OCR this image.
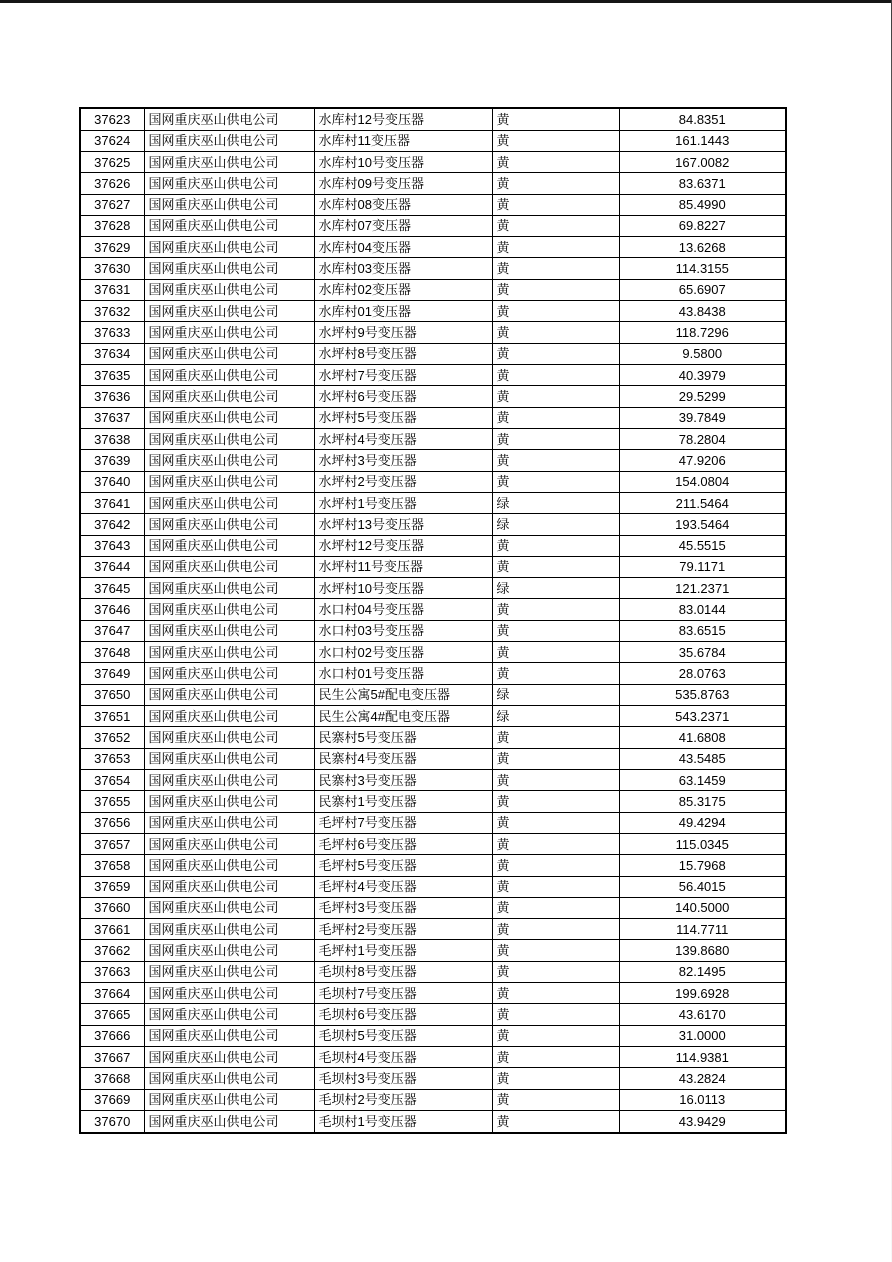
37623	国网重庆巫山供电公司	水库村12号变压器	黄	84.8351
37624	国网重庆巫山供电公司	水库村11变压器	黄	161.1443
37625	国网重庆巫山供电公司	水库村10号变压器	黄	167.0082
37626	国网重庆巫山供电公司	水库村09号变压器	黄	83.6371
37627	国网重庆巫山供电公司	水库村08变压器	黄	85.4990
37628	国网重庆巫山供电公司	水库村07变压器	黄	69.8227
37629	国网重庆巫山供电公司	水库村04变压器	黄	13.6268
37630	国网重庆巫山供电公司	水库村03变压器	黄	114.3155
37631	国网重庆巫山供电公司	水库村02变压器	黄	65.6907
37632	国网重庆巫山供电公司	水库村01变压器	黄	43.8438
37633	国网重庆巫山供电公司	水坪村9号变压器	黄	118.7296
37634	国网重庆巫山供电公司	水坪村8号变压器	黄	9.5800
37635	国网重庆巫山供电公司	水坪村7号变压器	黄	40.3979
37636	国网重庆巫山供电公司	水坪村6号变压器	黄	29.5299
37637	国网重庆巫山供电公司	水坪村5号变压器	黄	39.7849
37638	国网重庆巫山供电公司	水坪村4号变压器	黄	78.2804
37639	国网重庆巫山供电公司	水坪村3号变压器	黄	47.9206
37640	国网重庆巫山供电公司	水坪村2号变压器	黄	154.0804
37641	国网重庆巫山供电公司	水坪村1号变压器	绿	211.5464
37642	国网重庆巫山供电公司	水坪村13号变压器	绿	193.5464
37643	国网重庆巫山供电公司	水坪村12号变压器	黄	45.5515
37644	国网重庆巫山供电公司	水坪村11号变压器	黄	79.1171
37645	国网重庆巫山供电公司	水坪村10号变压器	绿	121.2371
37646	国网重庆巫山供电公司	水口村04号变压器	黄	83.0144
37647	国网重庆巫山供电公司	水口村03号变压器	黄	83.6515
37648	国网重庆巫山供电公司	水口村02号变压器	黄	35.6784
37649	国网重庆巫山供电公司	水口村01号变压器	黄	28.0763
37650	国网重庆巫山供电公司	民生公寓5#配电变压器	绿	535.8763
37651	国网重庆巫山供电公司	民生公寓4#配电变压器	绿	543.2371
37652	国网重庆巫山供电公司	民寨村5号变压器	黄	41.6808
37653	国网重庆巫山供电公司	民寨村4号变压器	黄	43.5485
37654	国网重庆巫山供电公司	民寨村3号变压器	黄	63.1459
37655	国网重庆巫山供电公司	民寨村1号变压器	黄	85.3175
37656	国网重庆巫山供电公司	毛坪村7号变压器	黄	49.4294
37657	国网重庆巫山供电公司	毛坪村6号变压器	黄	115.0345
37658	国网重庆巫山供电公司	毛坪村5号变压器	黄	15.7968
37659	国网重庆巫山供电公司	毛坪村4号变压器	黄	56.4015
37660	国网重庆巫山供电公司	毛坪村3号变压器	黄	140.5000
37661	国网重庆巫山供电公司	毛坪村2号变压器	黄	114.7711
37662	国网重庆巫山供电公司	毛坪村1号变压器	黄	139.8680
37663	国网重庆巫山供电公司	毛坝村8号变压器	黄	82.1495
37664	国网重庆巫山供电公司	毛坝村7号变压器	黄	199.6928
37665	国网重庆巫山供电公司	毛坝村6号变压器	黄	43.6170
37666	国网重庆巫山供电公司	毛坝村5号变压器	黄	31.0000
37667	国网重庆巫山供电公司	毛坝村4号变压器	黄	114.9381
37668	国网重庆巫山供电公司	毛坝村3号变压器	黄	43.2824
37669	国网重庆巫山供电公司	毛坝村2号变压器	黄	16.0113
37670	国网重庆巫山供电公司	毛坝村1号变压器	黄	43.9429
